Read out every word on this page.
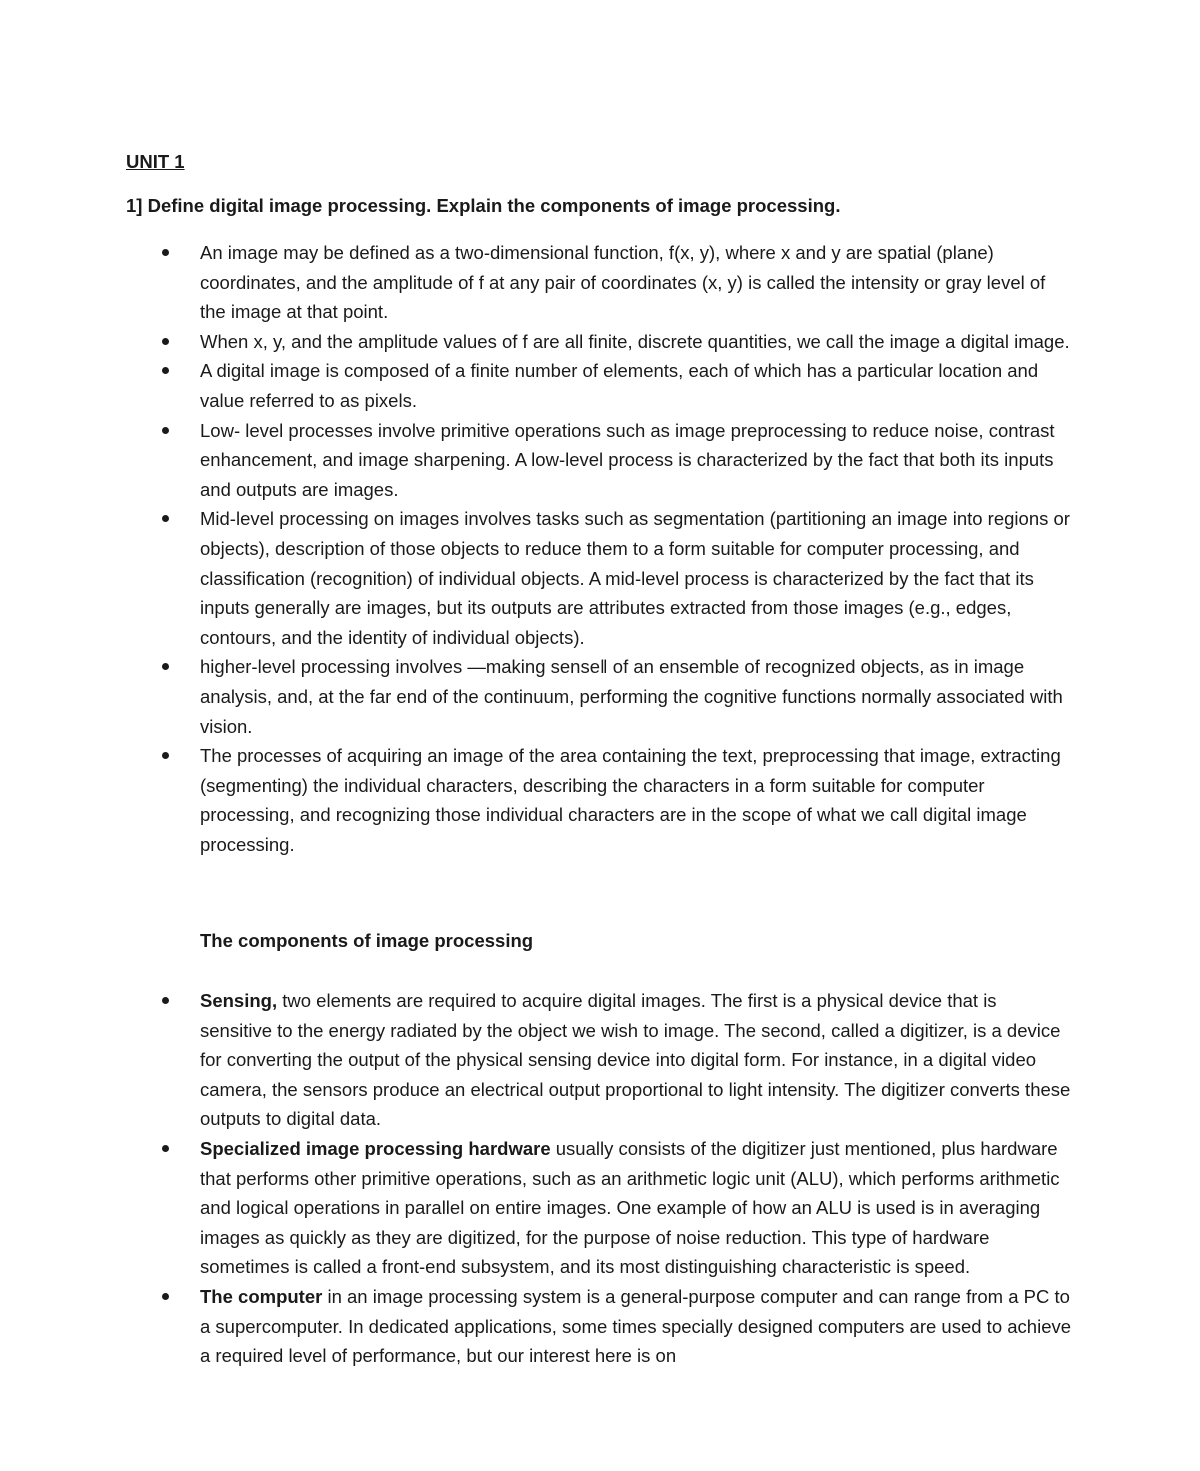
UNIT 1

1] Define digital image processing. Explain the components of image processing.

An image may be defined as a two-dimensional function, f(x, y), where x and y are spatial (plane) coordinates, and the amplitude of f at any pair of coordinates (x, y) is called the intensity or gray level of the image at that point.
When x, y, and the amplitude values of f are all finite, discrete quantities, we call the image a digital image.
A digital image is composed of a finite number of elements, each of which has a particular location and value referred to as pixels.
Low- level processes involve primitive operations such as image preprocessing to reduce noise, contrast enhancement, and image sharpening. A low-level process is characterized by the fact that both its inputs and outputs are images.
Mid-level processing on images involves tasks such as segmentation (partitioning an image into regions or objects), description of those objects to reduce them to a form suitable for computer processing, and classification (recognition) of individual objects. A mid-level process is characterized by the fact that its inputs generally are images, but its outputs are attributes extracted from those images (e.g., edges, contours, and the identity of individual objects).
higher-level processing involves ―making sense‖ of an ensemble of recognized objects, as in image analysis, and, at the far end of the continuum, performing the cognitive functions normally associated with vision.
The processes of acquiring an image of the area containing the text, preprocessing that image, extracting (segmenting) the individual characters, describing the characters in a form suitable for computer processing, and recognizing those individual characters are in the scope of what we call digital image processing.

The components of image processing

Sensing, two elements are required to acquire digital images. The first is a physical device that is sensitive to the energy radiated by the object we wish to image. The second, called a digitizer, is a device for converting the output of the physical sensing device into digital form. For instance, in a digital video camera, the sensors produce an electrical output proportional to light intensity. The digitizer converts these outputs to digital data.
Specialized image processing hardware usually consists of the digitizer just mentioned, plus hardware that performs other primitive operations, such as an arithmetic logic unit (ALU), which performs arithmetic and logical operations in parallel on entire images. One example of how an ALU is used is in averaging images as quickly as they are digitized, for the purpose of noise reduction. This type of hardware sometimes is called a front-end subsystem, and its most distinguishing characteristic is speed.
The computer in an image processing system is a general-purpose computer and can range from a PC to a supercomputer. In dedicated applications, some times specially designed computers are used to achieve a required level of performance, but our interest here is on
